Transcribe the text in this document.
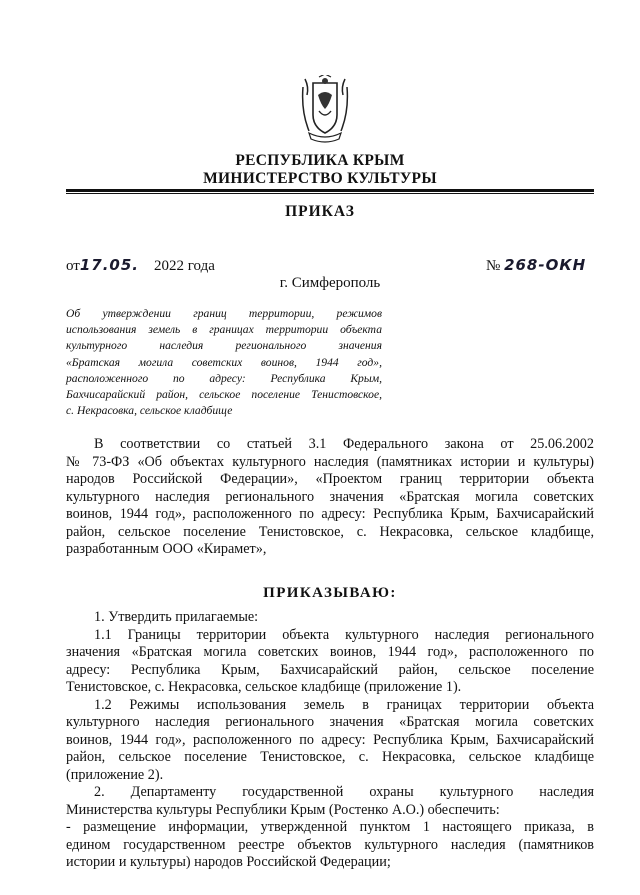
РЕСПУБЛИКА КРЫМ
МИНИСТЕРСТВО КУЛЬТУРЫ
ПРИКАЗ
от17.05. 2022 года	№ 268-ОКН
г. Симферополь
Об утверждении границ территории, режимов
использования земель в границах территории объекта
культурного наследия регионального значения
«Братская могила советских воинов, 1944 год»,
расположенного по адресу: Республика Крым,
Бахчисарайский район, сельское поселение Тенистовское,
с. Некрасовка, сельское кладбище
В соответствии со статьей 3.1 Федерального закона от 25.06.2002
№ 73-ФЗ «Об объектах культурного наследия (памятниках истории и культуры)
народов Российской Федерации», «Проектом границ территории объекта
культурного наследия регионального значения «Братская могила советских
воинов, 1944 год», расположенного по адресу: Республика Крым, Бахчисарайский
район, сельское поселение Тенистовское, с. Некрасовка, сельское кладбище,
разработанным ООО «Кирамет»,
ПРИКАЗЫВАЮ:
1. Утвердить прилагаемые:
1.1 Границы территории объекта культурного наследия регионального
значения «Братская могила советских воинов, 1944 год», расположенного по
адресу: Республика Крым, Бахчисарайский район, сельское поселение
Тенистовское, с. Некрасовка, сельское кладбище (приложение 1).
1.2 Режимы использования земель в границах территории объекта
культурного наследия регионального значения «Братская могила советских
воинов, 1944 год», расположенного по адресу: Республика Крым, Бахчисарайский
район, сельское поселение Тенистовское, с. Некрасовка, сельское кладбище
(приложение 2).
2. Департаменту государственной охраны культурного наследия
Министерства культуры Республики Крым (Ростенко А.О.) обеспечить:
- размещение информации, утвержденной пунктом 1 настоящего приказа, в
едином государственном реестре объектов культурного наследия (памятников
истории и культуры) народов Российской Федерации;
